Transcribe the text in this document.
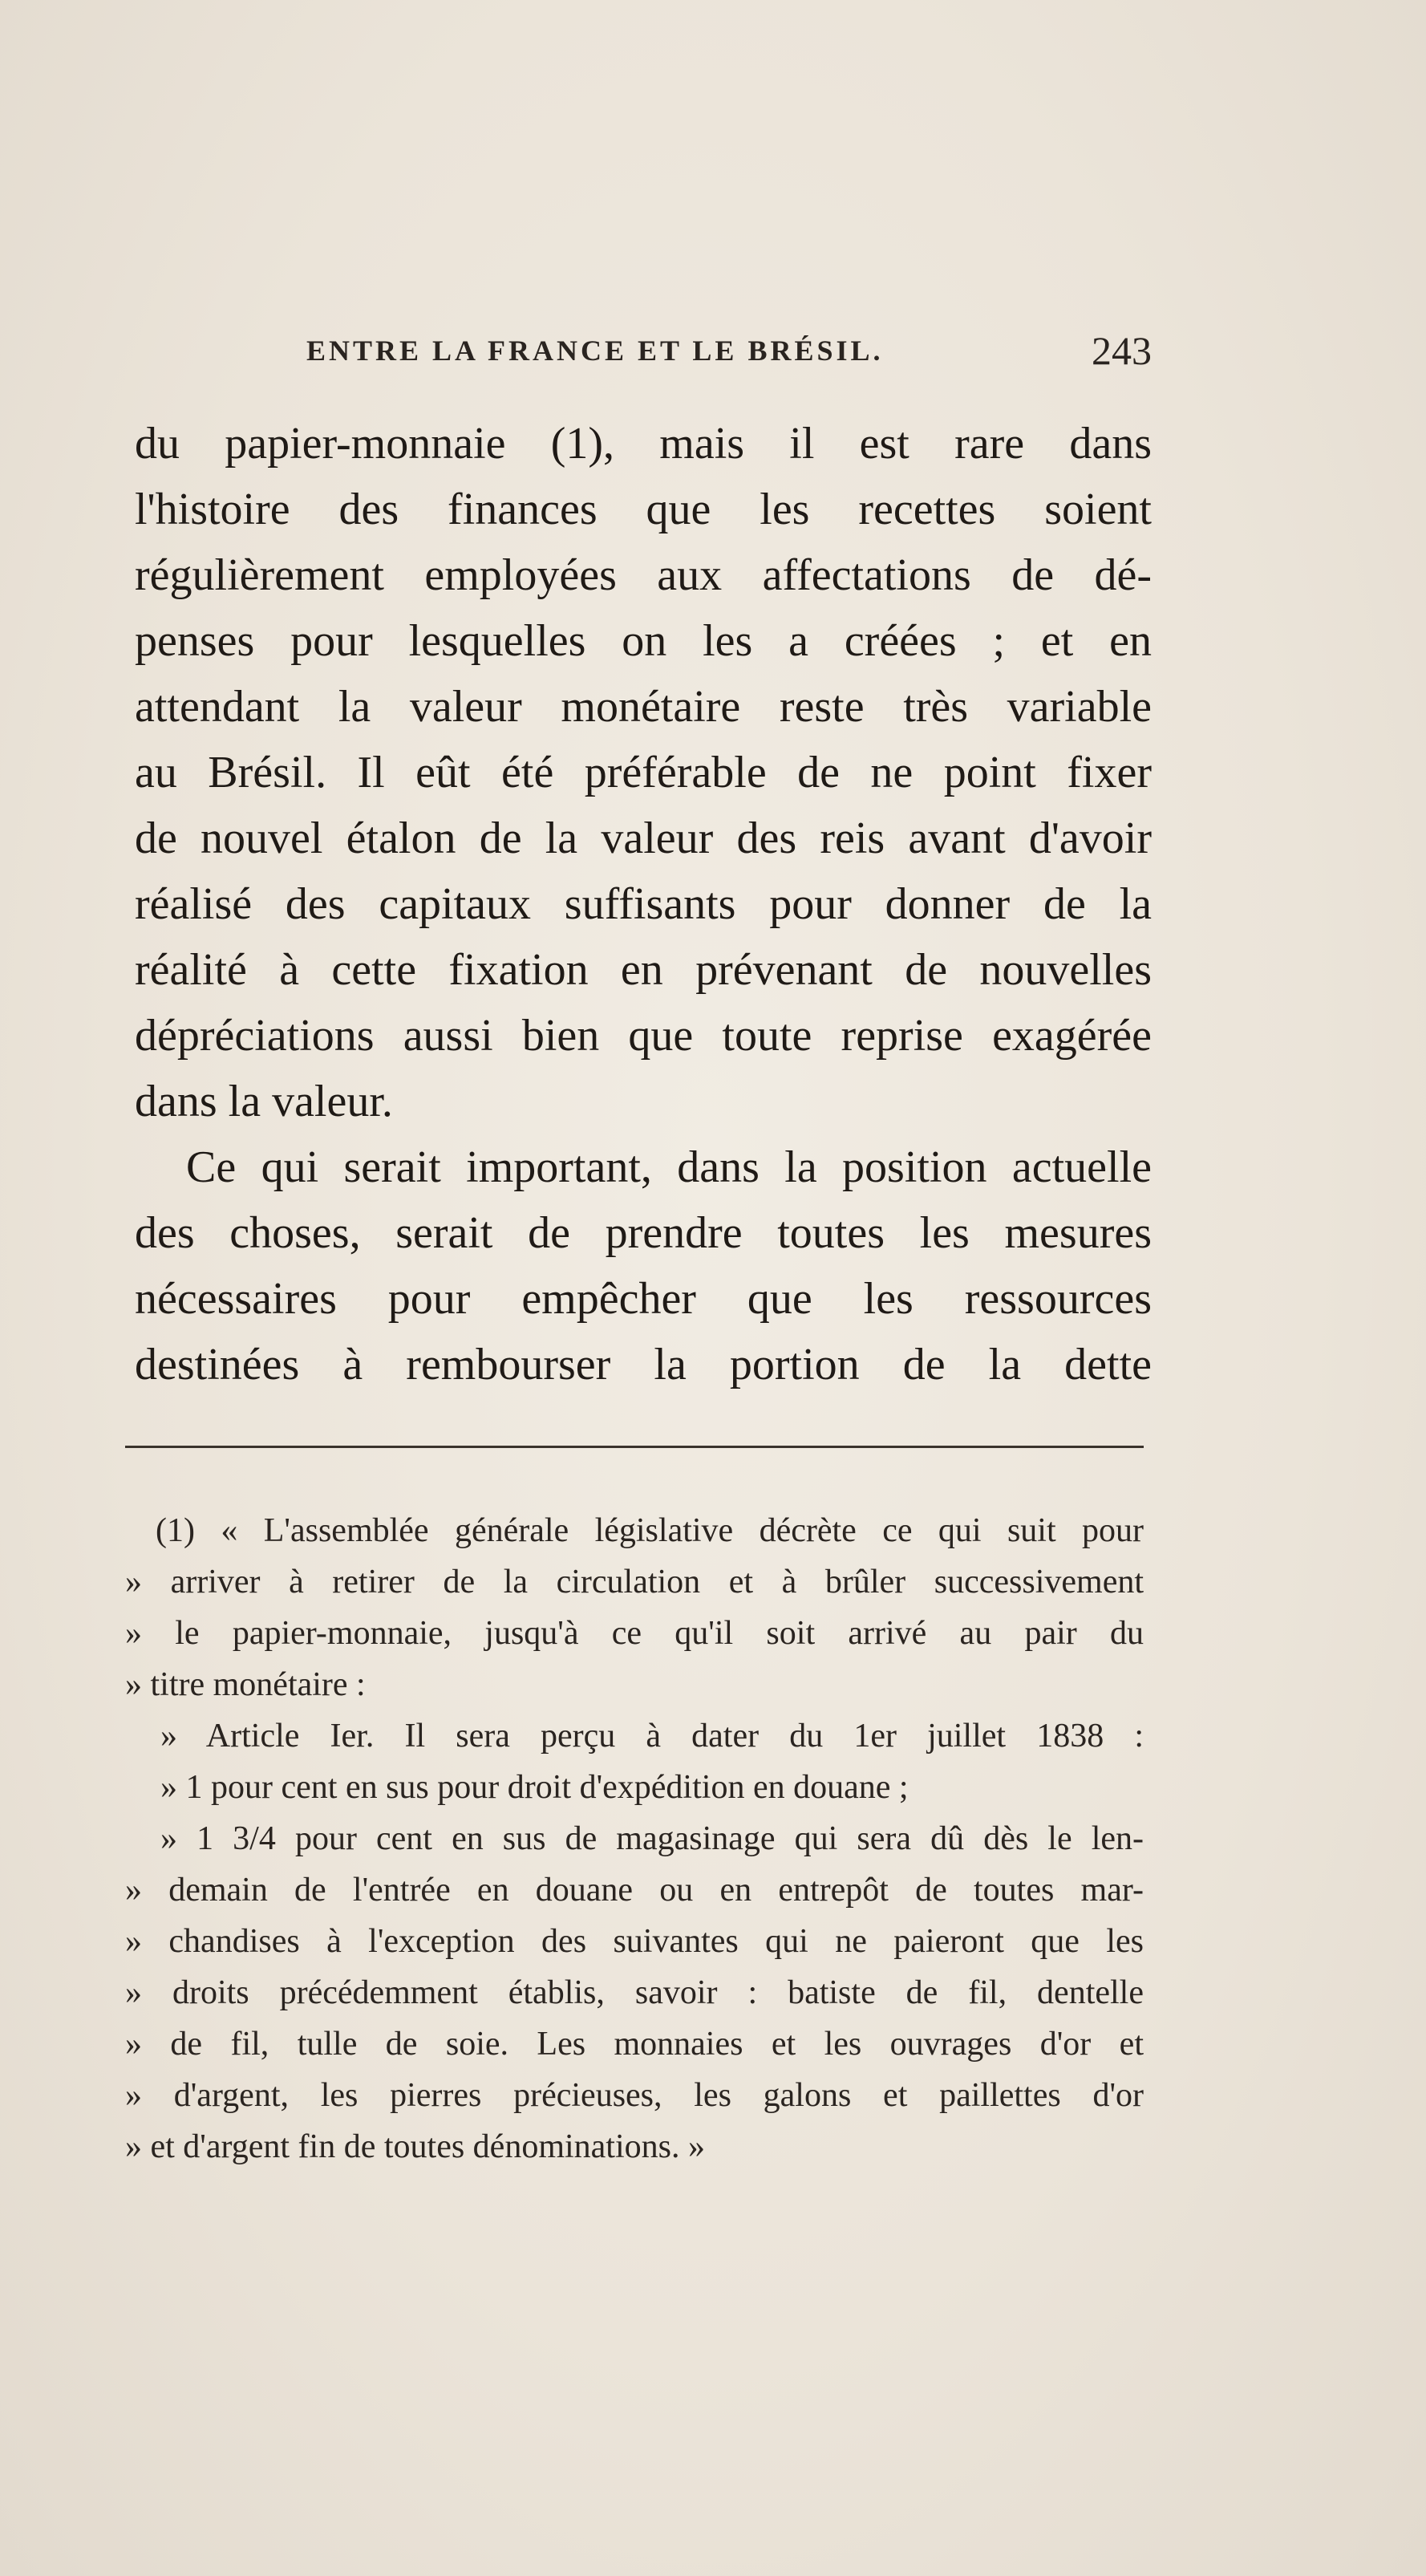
ENTRE LA FRANCE ET LE BRÉSIL.	243
du papier-monnaie (1), mais il est rare dans
l'histoire des finances que les recettes soient
régulièrement employées aux affectations de dé-
penses pour lesquelles on les a créées ; et en
attendant la valeur monétaire reste très variable
au Brésil. Il eût été préférable de ne point fixer
de nouvel étalon de la valeur des reis avant d'avoir
réalisé des capitaux suffisants pour donner de la
réalité à cette fixation en prévenant de nouvelles
dépréciations aussi bien que toute reprise exagérée
dans la valeur.
Ce qui serait important, dans la position actuelle
des choses, serait de prendre toutes les mesures
nécessaires pour empêcher que les ressources
destinées à rembourser la portion de la dette
(1) « L'assemblée générale législative décrète ce qui suit pour
» arriver à retirer de la circulation et à brûler successivement
» le papier-monnaie, jusqu'à ce qu'il soit arrivé au pair du
» titre monétaire :
» Article Ier. Il sera perçu à dater du 1er juillet 1838 :
» 1 pour cent en sus pour droit d'expédition en douane ;
» 1 3/4 pour cent en sus de magasinage qui sera dû dès le len-
» demain de l'entrée en douane ou en entrepôt de toutes mar-
» chandises à l'exception des suivantes qui ne paieront que les
» droits précédemment établis, savoir : batiste de fil, dentelle
» de fil, tulle de soie. Les monnaies et les ouvrages d'or et
» d'argent, les pierres précieuses, les galons et paillettes d'or
» et d'argent fin de toutes dénominations. »
